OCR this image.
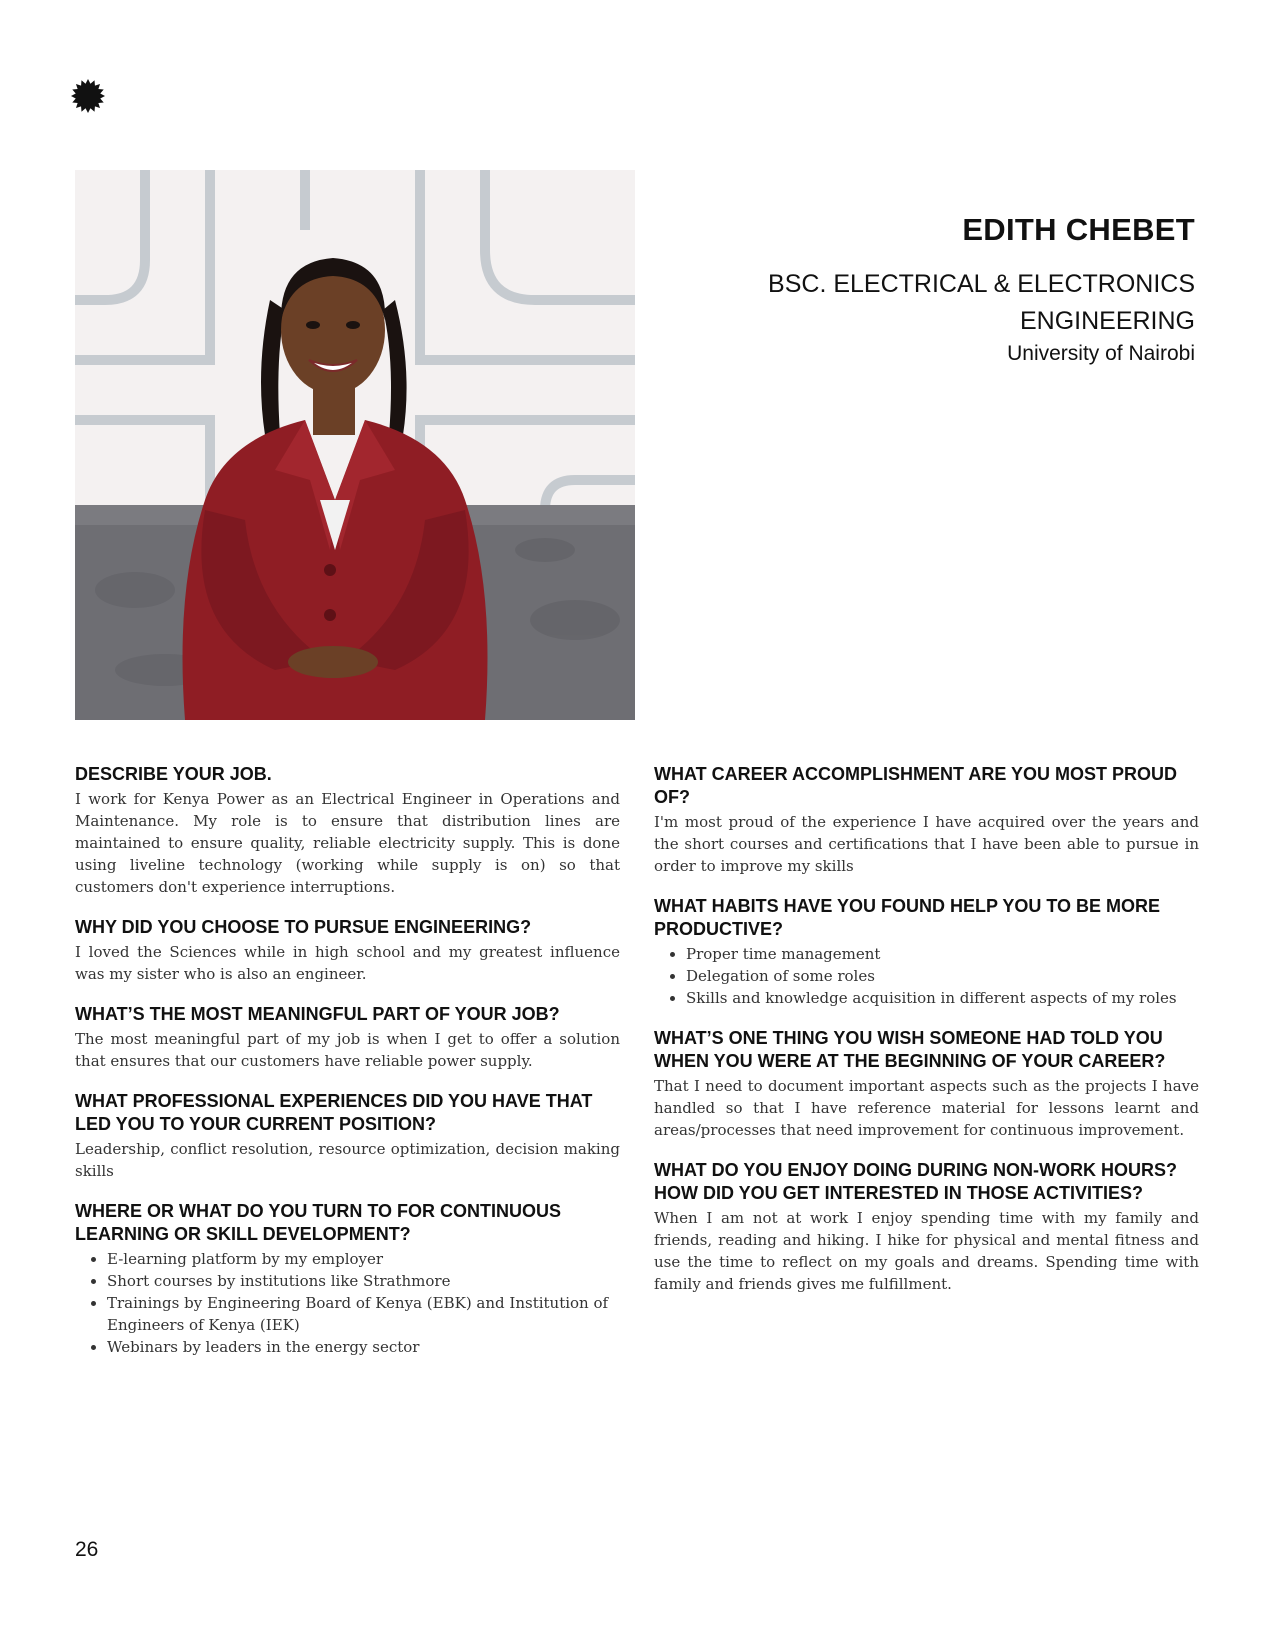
EDITH CHEBET
BSC. ELECTRICAL & ELECTRONICS
ENGINEERING
University of Nairobi
DESCRIBE YOUR JOB.

I work for Kenya Power as an Electrical Engineer in Operations and Maintenance. My role is to ensure that distribution lines are maintained to ensure quality, reliable electricity supply. This is done using liveline technology (working while supply is on) so that customers don't experience interruptions.

WHY DID YOU CHOOSE TO PURSUE ENGINEERING?

I loved the Sciences while in high school and my greatest influence was my sister who is also an engineer.

WHAT’S THE MOST MEANINGFUL PART OF YOUR JOB?

The most meaningful part of my job is when I get to offer a solution that ensures that our customers have reliable power supply.

WHAT PROFESSIONAL EXPERIENCES DID YOU HAVE THAT LED YOU TO YOUR CURRENT POSITION?

Leadership, conflict resolution, resource optimization, decision making skills

WHERE OR WHAT DO YOU TURN TO FOR CONTINUOUS LEARNING OR SKILL DEVELOPMENT?
• E-learning platform by my employer
• Short courses by institutions like Strathmore
• Trainings by Engineering Board of Kenya (EBK) and Institution of Engineers of Kenya (IEK)
• Webinars by leaders in the energy sector
WHAT CAREER ACCOMPLISHMENT ARE YOU MOST PROUD OF?

I'm most proud of the experience I have acquired over the years and the short courses and certifications that I have been able to pursue in order to improve my skills

WHAT HABITS HAVE YOU FOUND HELP YOU TO BE MORE PRODUCTIVE?
• Proper time management
• Delegation of some roles
• Skills and knowledge acquisition in different aspects of my roles
WHAT’S ONE THING YOU WISH SOMEONE HAD TOLD YOU WHEN YOU WERE AT THE BEGINNING OF YOUR CAREER?

That I need to document important aspects such as the projects I have handled so that I have reference material for lessons learnt and areas/processes that need improvement for continuous improvement.

WHAT DO YOU ENJOY DOING DURING NON-WORK HOURS? HOW DID YOU GET INTERESTED IN THOSE ACTIVITIES?

When I am not at work I enjoy spending time with my family and friends, reading and hiking. I hike for physical and mental fitness and use the time to reflect on my goals and dreams. Spending time with family and friends gives me fulfillment.

26
